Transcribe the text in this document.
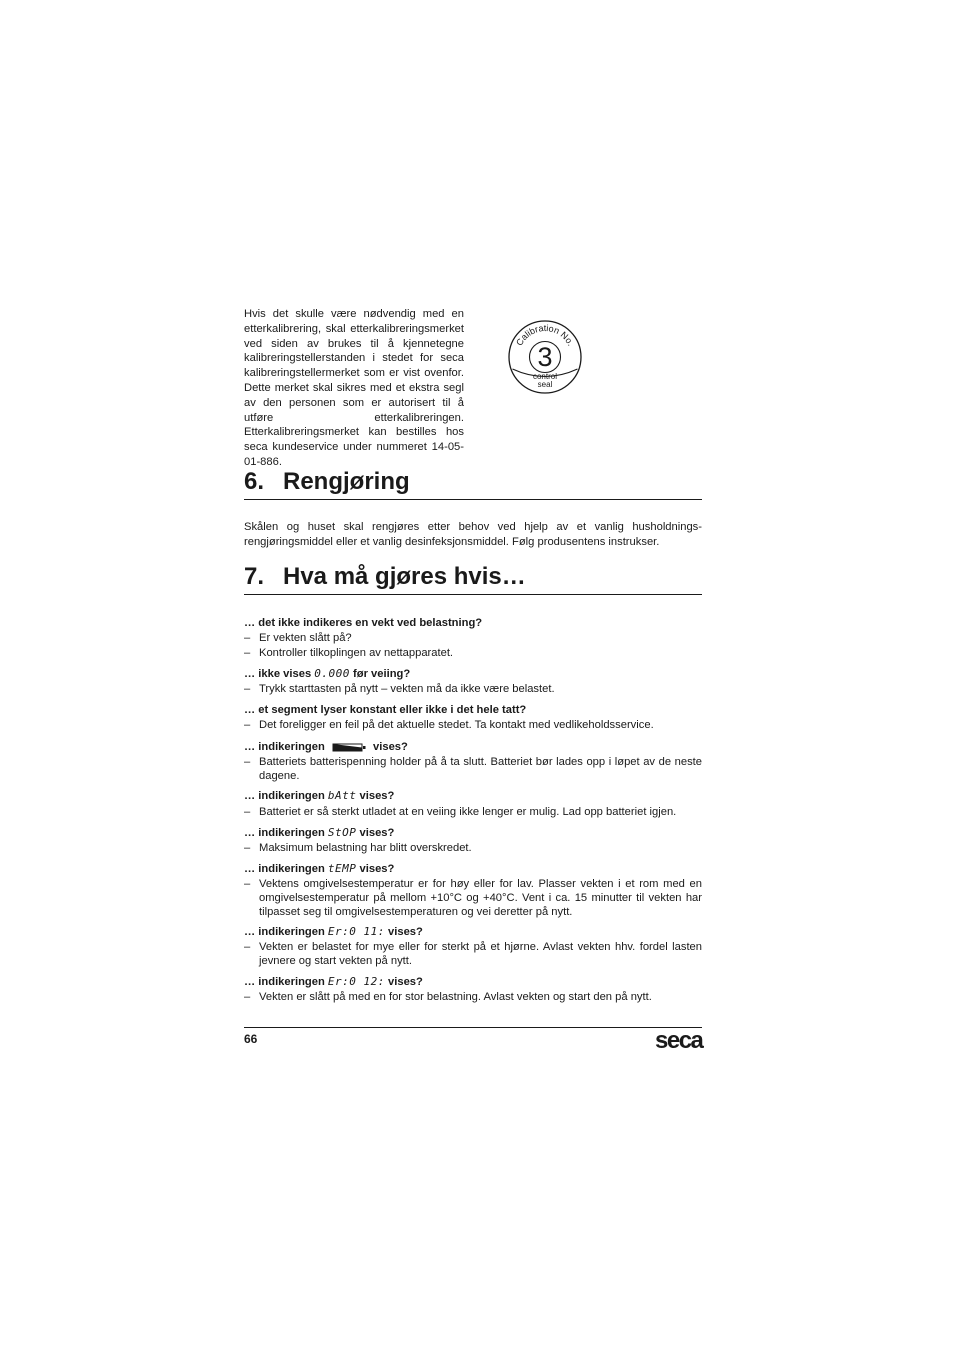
Hvis det skulle være nødvendig med en etterkalibrering, skal etterkalibreringsmerket ved siden av brukes til å kjennetegne kalibreringstellerstanden i stedet for seca kalibreringstellermerket som er vist ovenfor. Dette merket skal sikres med et ekstra segl av den personen som er autorisert til å utføre etterkalibreringen. Etterkalibreringsmerket kan bestilles hos seca kundeservice under nummeret 14-05-01-886.
Calibration No.
3
control
seal
6. Rengjøring
Skålen og huset skal rengjøres etter behov ved hjelp av et vanlig husholdnings-rengjøringsmiddel eller et vanlig desinfeksjonsmiddel. Følg produsentens instrukser.
7. Hva må gjøres hvis…
… det ikke indikeres en vekt ved belastning?
– Er vekten slått på?
– Kontroller tilkoplingen av nettapparatet.
… ikke vises 0.000 før veiing?
– Trykk starttasten på nytt – vekten må da ikke være belastet.
… et segment lyser konstant eller ikke i det hele tatt?
– Det foreligger en feil på det aktuelle stedet. Ta kontakt med vedlikeholdsservice.
… indikeringen	vises?
– Batteriets batterispenning holder på å ta slutt. Batteriet bør lades opp i løpet av de neste dagene.
… indikeringen bAtt vises?
– Batteriet er så sterkt utladet at en veiing ikke lenger er mulig. Lad opp batteriet igjen.
… indikeringen StOP vises?
– Maksimum belastning har blitt overskredet.
… indikeringen tEMP vises?
– Vektens omgivelsestemperatur er for høy eller for lav. Plasser vekten i et rom med en omgivelsestemperatur på mellom +10°C og +40°C. Vent i ca. 15 minutter til vekten har tilpasset seg til omgivelsestemperaturen og vei deretter på nytt.
… indikeringen Er:0 11: vises?
– Vekten er belastet for mye eller for sterkt på et hjørne. Avlast vekten hhv. fordel lasten jevnere og start vekten på nytt.
… indikeringen Er:0 12: vises?
– Vekten er slått på med en for stor belastning. Avlast vekten og start den på nytt.
66	seca
